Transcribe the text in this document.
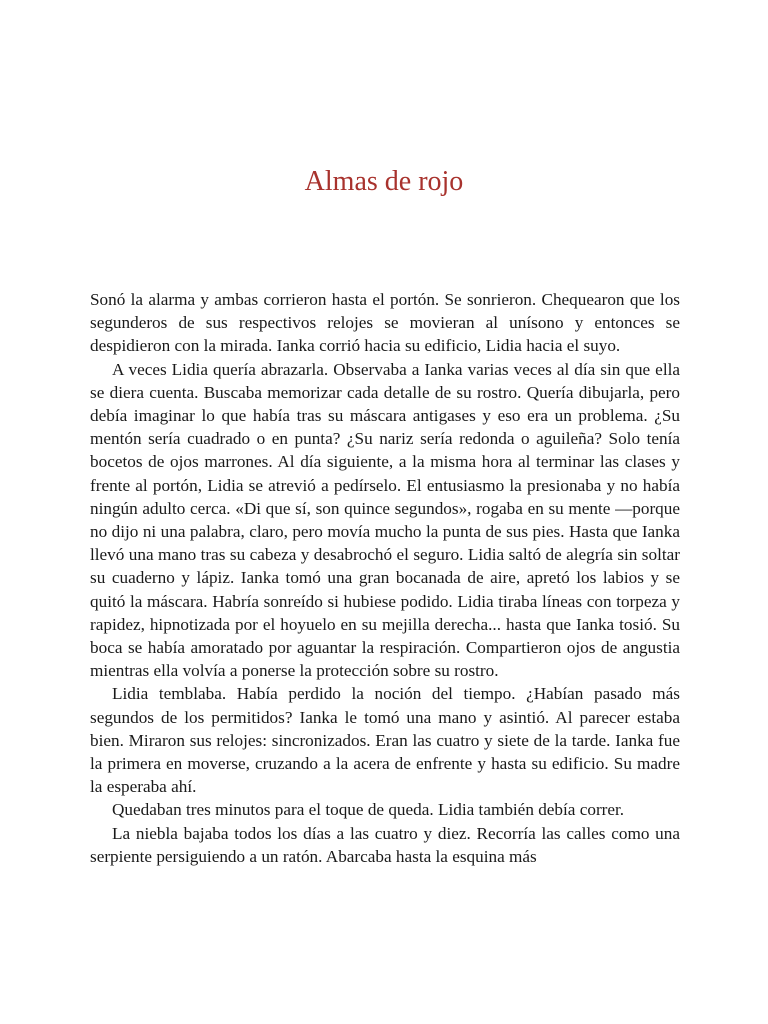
Almas de rojo

Sonó la alarma y ambas corrieron hasta el portón. Se sonrieron. Chequearon que los segunderos de sus respectivos relojes se movieran al unísono y entonces se despidieron con la mirada. Ianka corrió hacia su edificio, Lidia hacia el suyo.

A veces Lidia quería abrazarla. Observaba a Ianka varias veces al día sin que ella se diera cuenta. Buscaba memorizar cada detalle de su rostro. Quería dibujarla, pero debía imaginar lo que había tras su máscara antigases y eso era un problema. ¿Su mentón sería cuadrado o en punta? ¿Su nariz sería redonda o aguileña? Solo tenía bocetos de ojos marrones. Al día siguiente, a la misma hora al terminar las clases y frente al portón, Lidia se atrevió a pedírselo. El entusiasmo la presionaba y no había ningún adulto cerca. «Di que sí, son quince segundos», rogaba en su mente —porque no dijo ni una palabra, claro, pero movía mucho la punta de sus pies. Hasta que Ianka llevó una mano tras su cabeza y desabrochó el seguro. Lidia saltó de alegría sin soltar su cuaderno y lápiz. Ianka tomó una gran bocanada de aire, apretó los labios y se quitó la máscara. Habría sonreído si hubiese podido. Lidia tiraba líneas con torpeza y rapidez, hipnotizada por el hoyuelo en su mejilla derecha... hasta que Ianka tosió. Su boca se había amoratado por aguantar la respiración. Compartieron ojos de angustia mientras ella volvía a ponerse la protección sobre su rostro.

Lidia temblaba. Había perdido la noción del tiempo. ¿Habían pasado más segundos de los permitidos? Ianka le tomó una mano y asintió. Al parecer estaba bien. Miraron sus relojes: sincronizados. Eran las cuatro y siete de la tarde. Ianka fue la primera en moverse, cruzando a la acera de enfrente y hasta su edificio. Su madre la esperaba ahí.

Quedaban tres minutos para el toque de queda. Lidia también debía correr.

La niebla bajaba todos los días a las cuatro y diez. Recorría las calles como una serpiente persiguiendo a un ratón. Abarcaba hasta la esquina más
